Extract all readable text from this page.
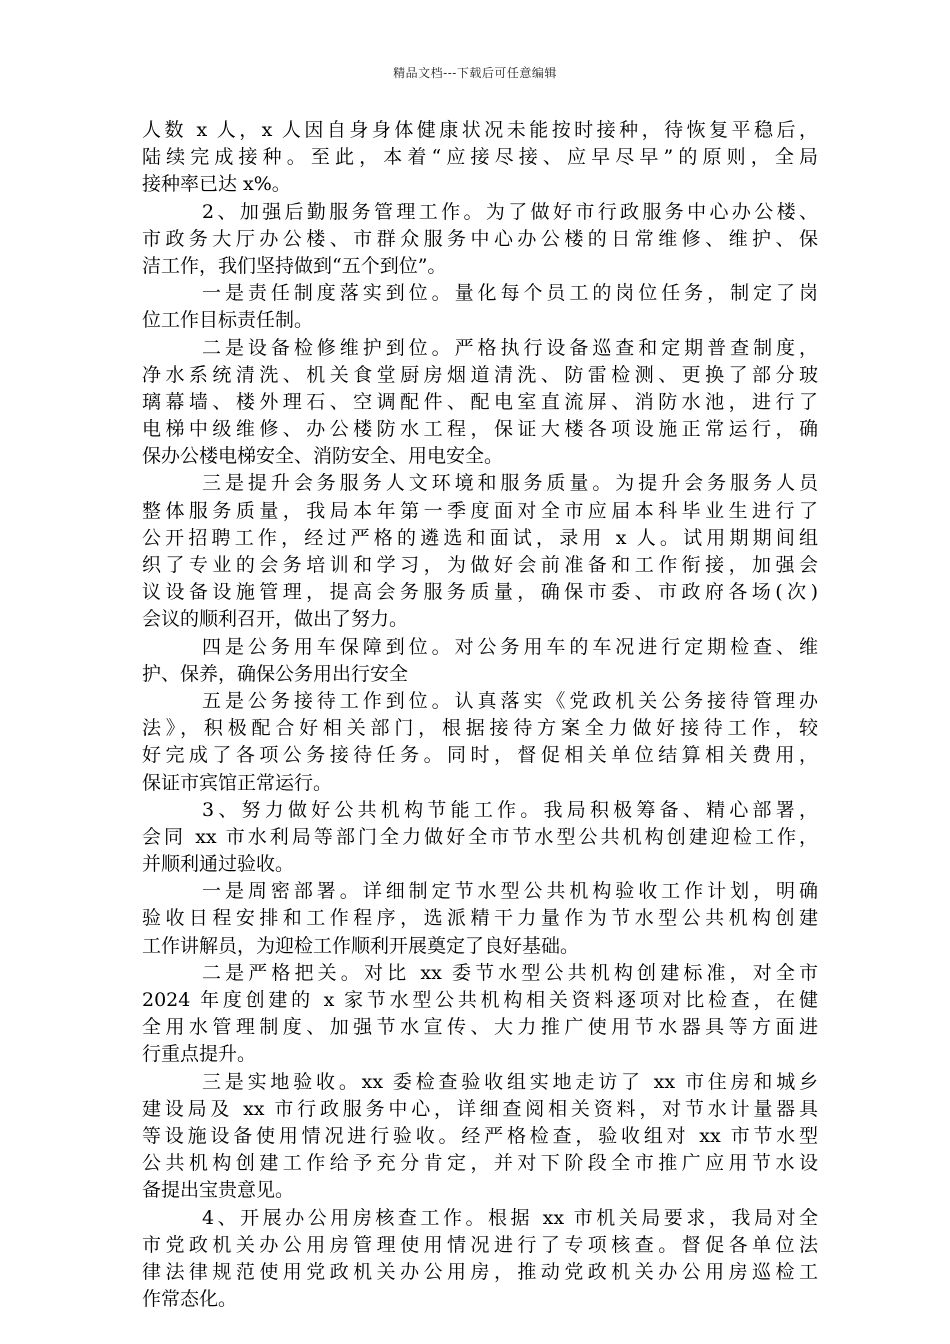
精品文档---下载后可任意编辑
人数 x 人，x 人因自身身体健康状况未能按时接种，待恢复平稳后，
陆续完成接种。至此，本着“应接尽接、应早尽早”的原则，全局
接种率已达 x%。
2、加强后勤服务管理工作。为了做好市行政服务中心办公楼、
市政务大厅办公楼、市群众服务中心办公楼的日常维修、维护、保
洁工作，我们坚持做到“五个到位”。
一是责任制度落实到位。量化每个员工的岗位任务，制定了岗
位工作目标责任制。
二是设备检修维护到位。严格执行设备巡查和定期普查制度，
净水系统清洗、机关食堂厨房烟道清洗、防雷检测、更换了部分玻
璃幕墙、楼外理石、空调配件、配电室直流屏、消防水池，进行了
电梯中级维修、办公楼防水工程，保证大楼各项设施正常运行，确
保办公楼电梯安全、消防安全、用电安全。
三是提升会务服务人文环境和服务质量。为提升会务服务人员
整体服务质量，我局本年第一季度面对全市应届本科毕业生进行了
公开招聘工作，经过严格的遴选和面试，录用 x 人。试用期期间组
织了专业的会务培训和学习，为做好会前准备和工作衔接，加强会
议设备设施管理，提高会务服务质量，确保市委、市政府各场(次)
会议的顺利召开，做出了努力。
四是公务用车保障到位。对公务用车的车况进行定期检查、维
护、保养，确保公务用出行安全
五是公务接待工作到位。认真落实《党政机关公务接待管理办
法》，积极配合好相关部门，根据接待方案全力做好接待工作，较
好完成了各项公务接待任务。同时，督促相关单位结算相关费用，
保证市宾馆正常运行。
3、努力做好公共机构节能工作。我局积极筹备、精心部署，
会同 xx 市水利局等部门全力做好全市节水型公共机构创建迎检工作，
并顺利通过验收。
一是周密部署。详细制定节水型公共机构验收工作计划，明确
验收日程安排和工作程序，选派精干力量作为节水型公共机构创建
工作讲解员，为迎检工作顺利开展奠定了良好基础。
二是严格把关。对比 xx 委节水型公共机构创建标准，对全市
2024 年度创建的 x 家节水型公共机构相关资料逐项对比检查，在健
全用水管理制度、加强节水宣传、大力推广使用节水器具等方面进
行重点提升。
三是实地验收。xx 委检查验收组实地走访了 xx 市住房和城乡
建设局及 xx 市行政服务中心，详细查阅相关资料，对节水计量器具
等设施设备使用情况进行验收。经严格检查，验收组对 xx 市节水型
公共机构创建工作给予充分肯定，并对下阶段全市推广应用节水设
备提出宝贵意见。
4、开展办公用房核查工作。根据 xx 市机关局要求，我局对全
市党政机关办公用房管理使用情况进行了专项核查。督促各单位法
律法律规范使用党政机关办公用房，推动党政机关办公用房巡检工
作常态化。
